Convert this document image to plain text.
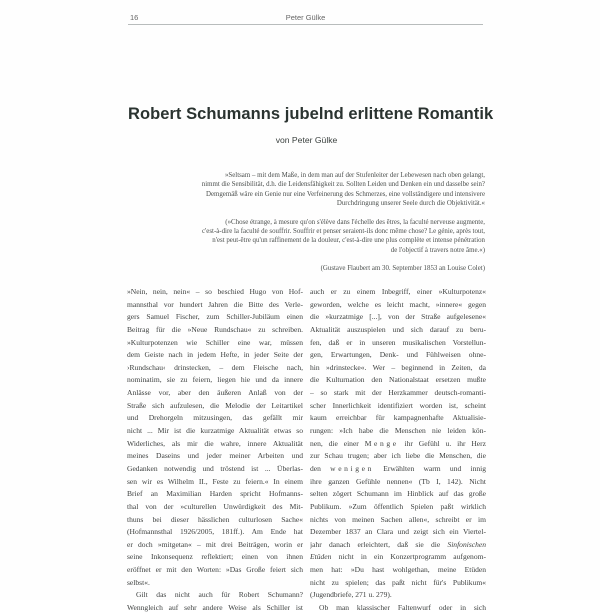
16	Peter Gülke
Robert Schumanns jubelnd erlittene Romantik
von Peter Gülke

»Seltsam – mit dem Maße, in dem man auf der Stufenleiter der Lebewesen nach oben gelangt,
nimmt die Sensibilität, d.h. die Leidensfähigkeit zu. Sollten Leiden und Denken ein und dasselbe sein?
Demgemäß wäre ein Genie nur eine Verfeinerung des Schmerzes, eine vollständigere und intensivere
Durchdringung unserer Seele durch die Objektivität.«

(»Chose étrange, à mesure qu'on s'élève dans l'échelle des êtres, la faculté nerveuse augmente,
c'est-à-dire la faculté de souffrir. Souffrir et penser seraient-ils donc même chose? Le génie, après tout,
n'est peut-être qu'un raffinement de la douleur, c'est-à-dire une plus complète et intense pénétration
de l'objectif à travers notre âme.«)

(Gustave Flaubert am 30. September 1853 an Louise Colet)

»Nein, nein, nein« – so beschied Hugo von Hof-
mannsthal vor hundert Jahren die Bitte des Verle-
gers Samuel Fischer, zum Schiller-Jubiläum einen
Beitrag für die »Neue Rundschau« zu schreiben.
»Kulturpotenzen wie Schiller eine war, müssen
dem Geiste nach in jedem Hefte, in jeder Seite der
›Rundschau‹ drinstecken, – dem Fleische nach,
nominatim, sie zu feiern, liegen hie und da innere
Anlässe vor, aber den äußeren Anlaß von der
Straße sich aufzulesen, die Melodie der Leitartikel
und Drehorgeln mitzusingen, das gefällt mir
nicht ... Mir ist die kurzatmige Aktualität etwas so
Widerliches, als mir die wahre, innere Aktualität
meines Daseins und jeder meiner Arbeiten und
Gedanken notwendig und tröstend ist ... Überlas-
sen wir es Wilhelm II., Feste zu feiern.« In einem
Brief an Maximilian Harden spricht Hofmanns-
thal von der »culturellen Unwürdigkeit des Mit-
thuns bei dieser hässlichen culturlosen Sache«
(Hofmannsthal 1926/2005, 181ff.). Am Ende hat
er doch »mitgetan« – mit drei Beiträgen, worin er
seine Inkonsequenz reflektiert; einen von ihnen
eröffnet er mit den Worten: »Das Große feiert sich
selbst«.
Gilt das nicht auch für Robert Schumann?
Wenngleich auf sehr andere Weise als Schiller ist
auch er zu einem Inbegriff, einer »Kulturpotenz«
geworden, welche es leicht macht, »innere« gegen
die »kurzatmige [...], von der Straße aufgelesene«
Aktualität auszuspielen und sich darauf zu beru-
fen, daß er in unseren musikalischen Vorstellun-
gen, Erwartungen, Denk- und Fühlweisen ohne-
hin »drinstecke«. Wer – beginnend in Zeiten, da
die Kulturnation den Nationalstaat ersetzen mußte
– so stark mit der Herzkammer deutsch-romanti-
scher Innerlichkeit identifiziert worden ist, scheint
kaum erreichbar für kampagnenhafte Aktualisie-
rungen: »Ich habe die Menschen nie leiden kön-
nen, die einer Menge ihr Gefühl u. ihr Herz
zur Schau trugen; aber ich liebe die Menschen, die
den wenigen Erwählten warm und innig
ihre ganzen Gefühle nennen« (Tb I, 142). Nicht
selten zögert Schumann im Hinblick auf das große
Publikum. »Zum öffentlich Spielen paßt wirklich
nichts von meinen Sachen allen«, schreibt er im
Dezember 1837 an Clara und zeigt sich ein Viertel-
jahr danach erleichtert, daß sie die Sinfonischen
Etüden nicht in ein Konzertprogramm aufgenom-
men hat: »Du hast wohlgethan, meine Etüden
nicht zu spielen; das paßt nicht für's Publikum«
(Jugendbriefe, 271 u. 279).
Ob man klassischer Faltenwurf oder in sich
